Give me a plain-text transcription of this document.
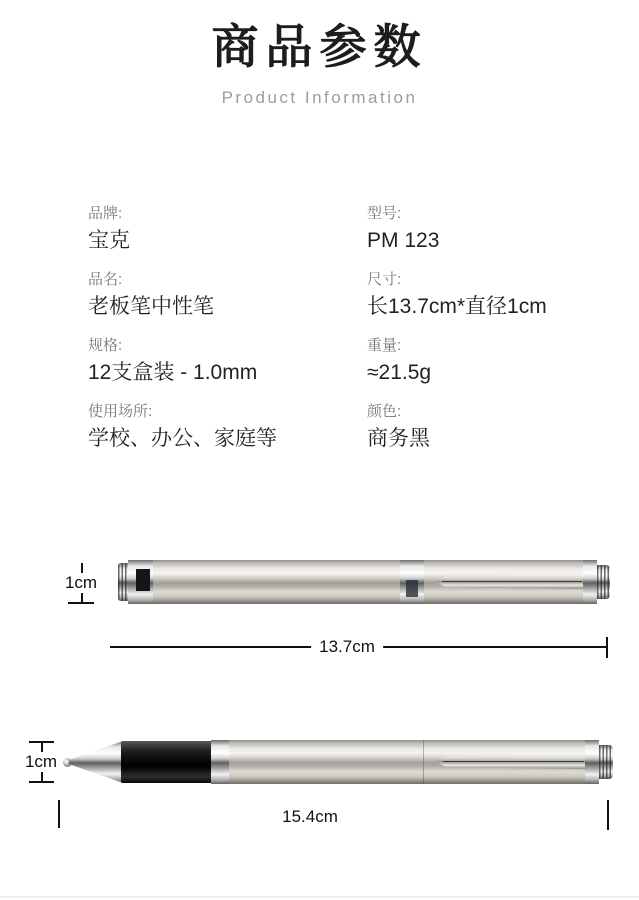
商品参数
Product Information
品牌:
宝克
型号:
PM 123
品名:
老板笔中性笔
尺寸:
长13.7cm*直径1cm
规格:
12支盒装 - 1.0mm
重量:
≈21.5g
使用场所:
学校、办公、家庭等
颜色:
商务黑
1cm
13.7cm
1cm
15.4cm
